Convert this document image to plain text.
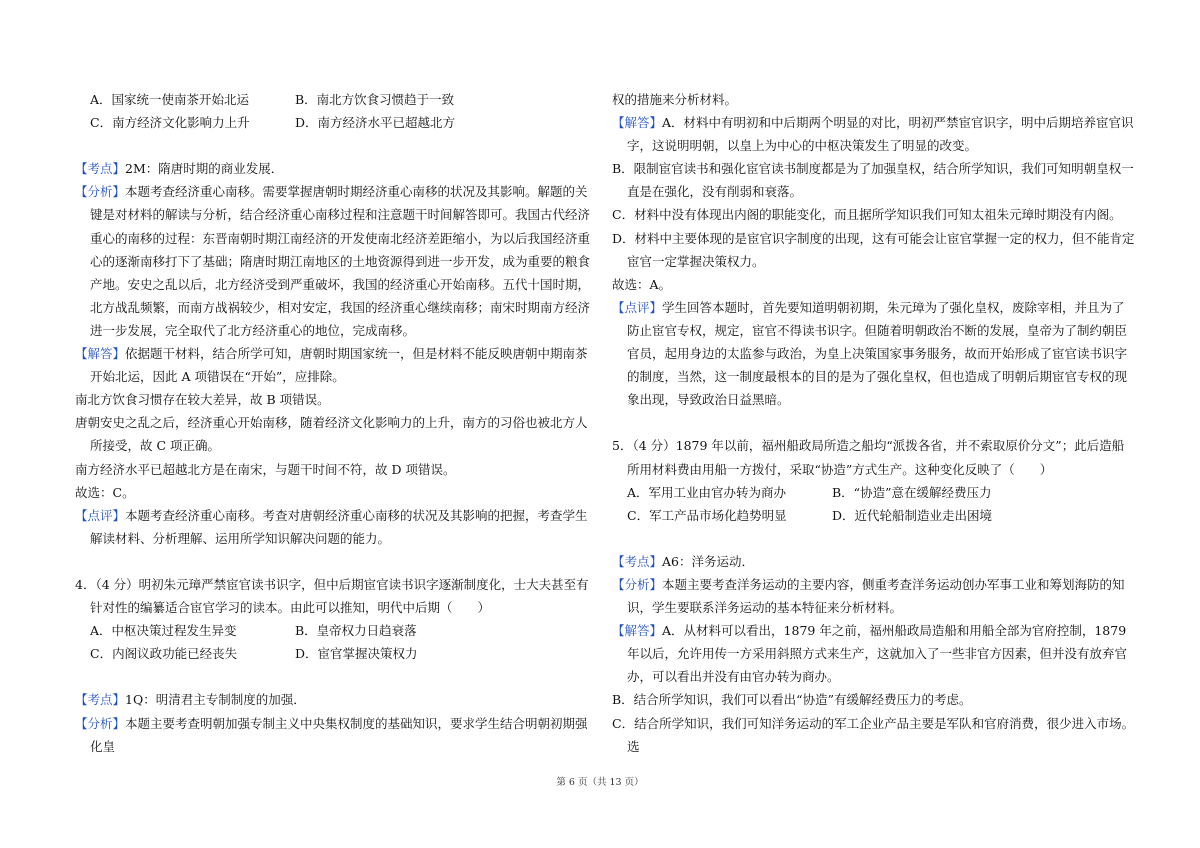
A．国家统一使南茶开始北运	B．南北方饮食习惯趋于一致
C．南方经济文化影响力上升	D．南方经济水平已超越北方

【考点】2M：隋唐时期的商业发展．

【分析】本题考查经济重心南移。需要掌握唐朝时期经济重心南移的状况及其影响。解题的关键是对材料的解读与分析，结合经济重心南移过程和注意题干时间解答即可。我国古代经济重心的南移的过程：东晋南朝时期江南经济的开发使南北经济差距缩小，为以后我国经济重心的逐渐南移打下了基础；隋唐时期江南地区的土地资源得到进一步开发，成为重要的粮食产地。安史之乱以后，北方经济受到严重破坏，我国的经济重心开始南移。五代十国时期，北方战乱频繁，而南方战祸较少，相对安定，我国的经济重心继续南移；南宋时期南方经济进一步发展，完全取代了北方经济重心的地位，完成南移。

【解答】依据题干材料，结合所学可知，唐朝时期国家统一，但是材料不能反映唐朝中期南茶开始北运，因此 A 项错误在“开始”，应排除。

南北方饮食习惯存在较大差异，故 B 项错误。

唐朝安史之乱之后，经济重心开始南移，随着经济文化影响力的上升，南方的习俗也被北方人所接受，故 C 项正确。

南方经济水平已超越北方是在南宋，与题干时间不符，故 D 项错误。

故选：C。

【点评】本题考查经济重心南移。考查对唐朝经济重心南移的状况及其影响的把握，考查学生解读材料、分析理解、运用所学知识解决问题的能力。

4．（4 分）明初朱元璋严禁宦官读书识字，但中后期宦官读书识字逐渐制度化，士大夫甚至有针对性的编纂适合宦官学习的读本。由此可以推知，明代中后期（　　）

A．中枢决策过程发生异变	B．皇帝权力日趋衰落
C．内阁议政功能已经丧失	D．宦官掌握决策权力

【考点】1Q：明清君主专制制度的加强．

【分析】本题主要考查明朝加强专制主义中央集权制度的基础知识，要求学生结合明朝初期强化皇

权的措施来分析材料。

【解答】A．材料中有明初和中后期两个明显的对比，明初严禁宦官识字，明中后期培养宦官识字，这说明明朝，以皇上为中心的中枢决策发生了明显的改变。

B．限制宦官读书和强化宦官读书制度都是为了加强皇权，结合所学知识，我们可知明朝皇权一直是在强化，没有削弱和衰落。

C．材料中没有体现出内阁的职能变化，而且据所学知识我们可知太祖朱元璋时期没有内阁。

D．材料中主要体现的是宦官识字制度的出现，这有可能会让宦官掌握一定的权力，但不能肯定宦官一定掌握决策权力。

故选：A。

【点评】学生回答本题时，首先要知道明朝初期，朱元璋为了强化皇权，废除宰相，并且为了防止宦官专权，规定，宦官不得读书识字。但随着明朝政治不断的发展，皇帝为了制约朝臣官员，起用身边的太监参与政治，为皇上决策国家事务服务，故而开始形成了宦官读书识字的制度，当然，这一制度最根本的目的是为了强化皇权，但也造成了明朝后期宦官专权的现象出现，导致政治日益黑暗。

5．（4 分）1879 年以前，福州船政局所造之船均“派拨各省，并不索取原价分文”；此后造船所用材料费由用船一方拨付，采取“协造”方式生产。这种变化反映了（　　）

A．军用工业由官办转为商办	B．“协造”意在缓解经费压力
C．军工产品市场化趋势明显	D．近代轮船制造业走出困境

【考点】A6：洋务运动．

【分析】本题主要考查洋务运动的主要内容，侧重考查洋务运动创办军事工业和筹划海防的知识，学生要联系洋务运动的基本特征来分析材料。

【解答】A．从材料可以看出，1879 年之前，福州船政局造船和用船全部为官府控制，1879 年以后，允许用传一方采用斜照方式来生产，这就加入了一些非官方因素，但并没有放弃官办，可以看出并没有由官办转为商办。

B．结合所学知识，我们可以看出“协造”有缓解经费压力的考虑。

C．结合所学知识，我们可知洋务运动的军工企业产品主要是军队和官府消费，很少进入市场。选

第 6 页（共 13 页）
